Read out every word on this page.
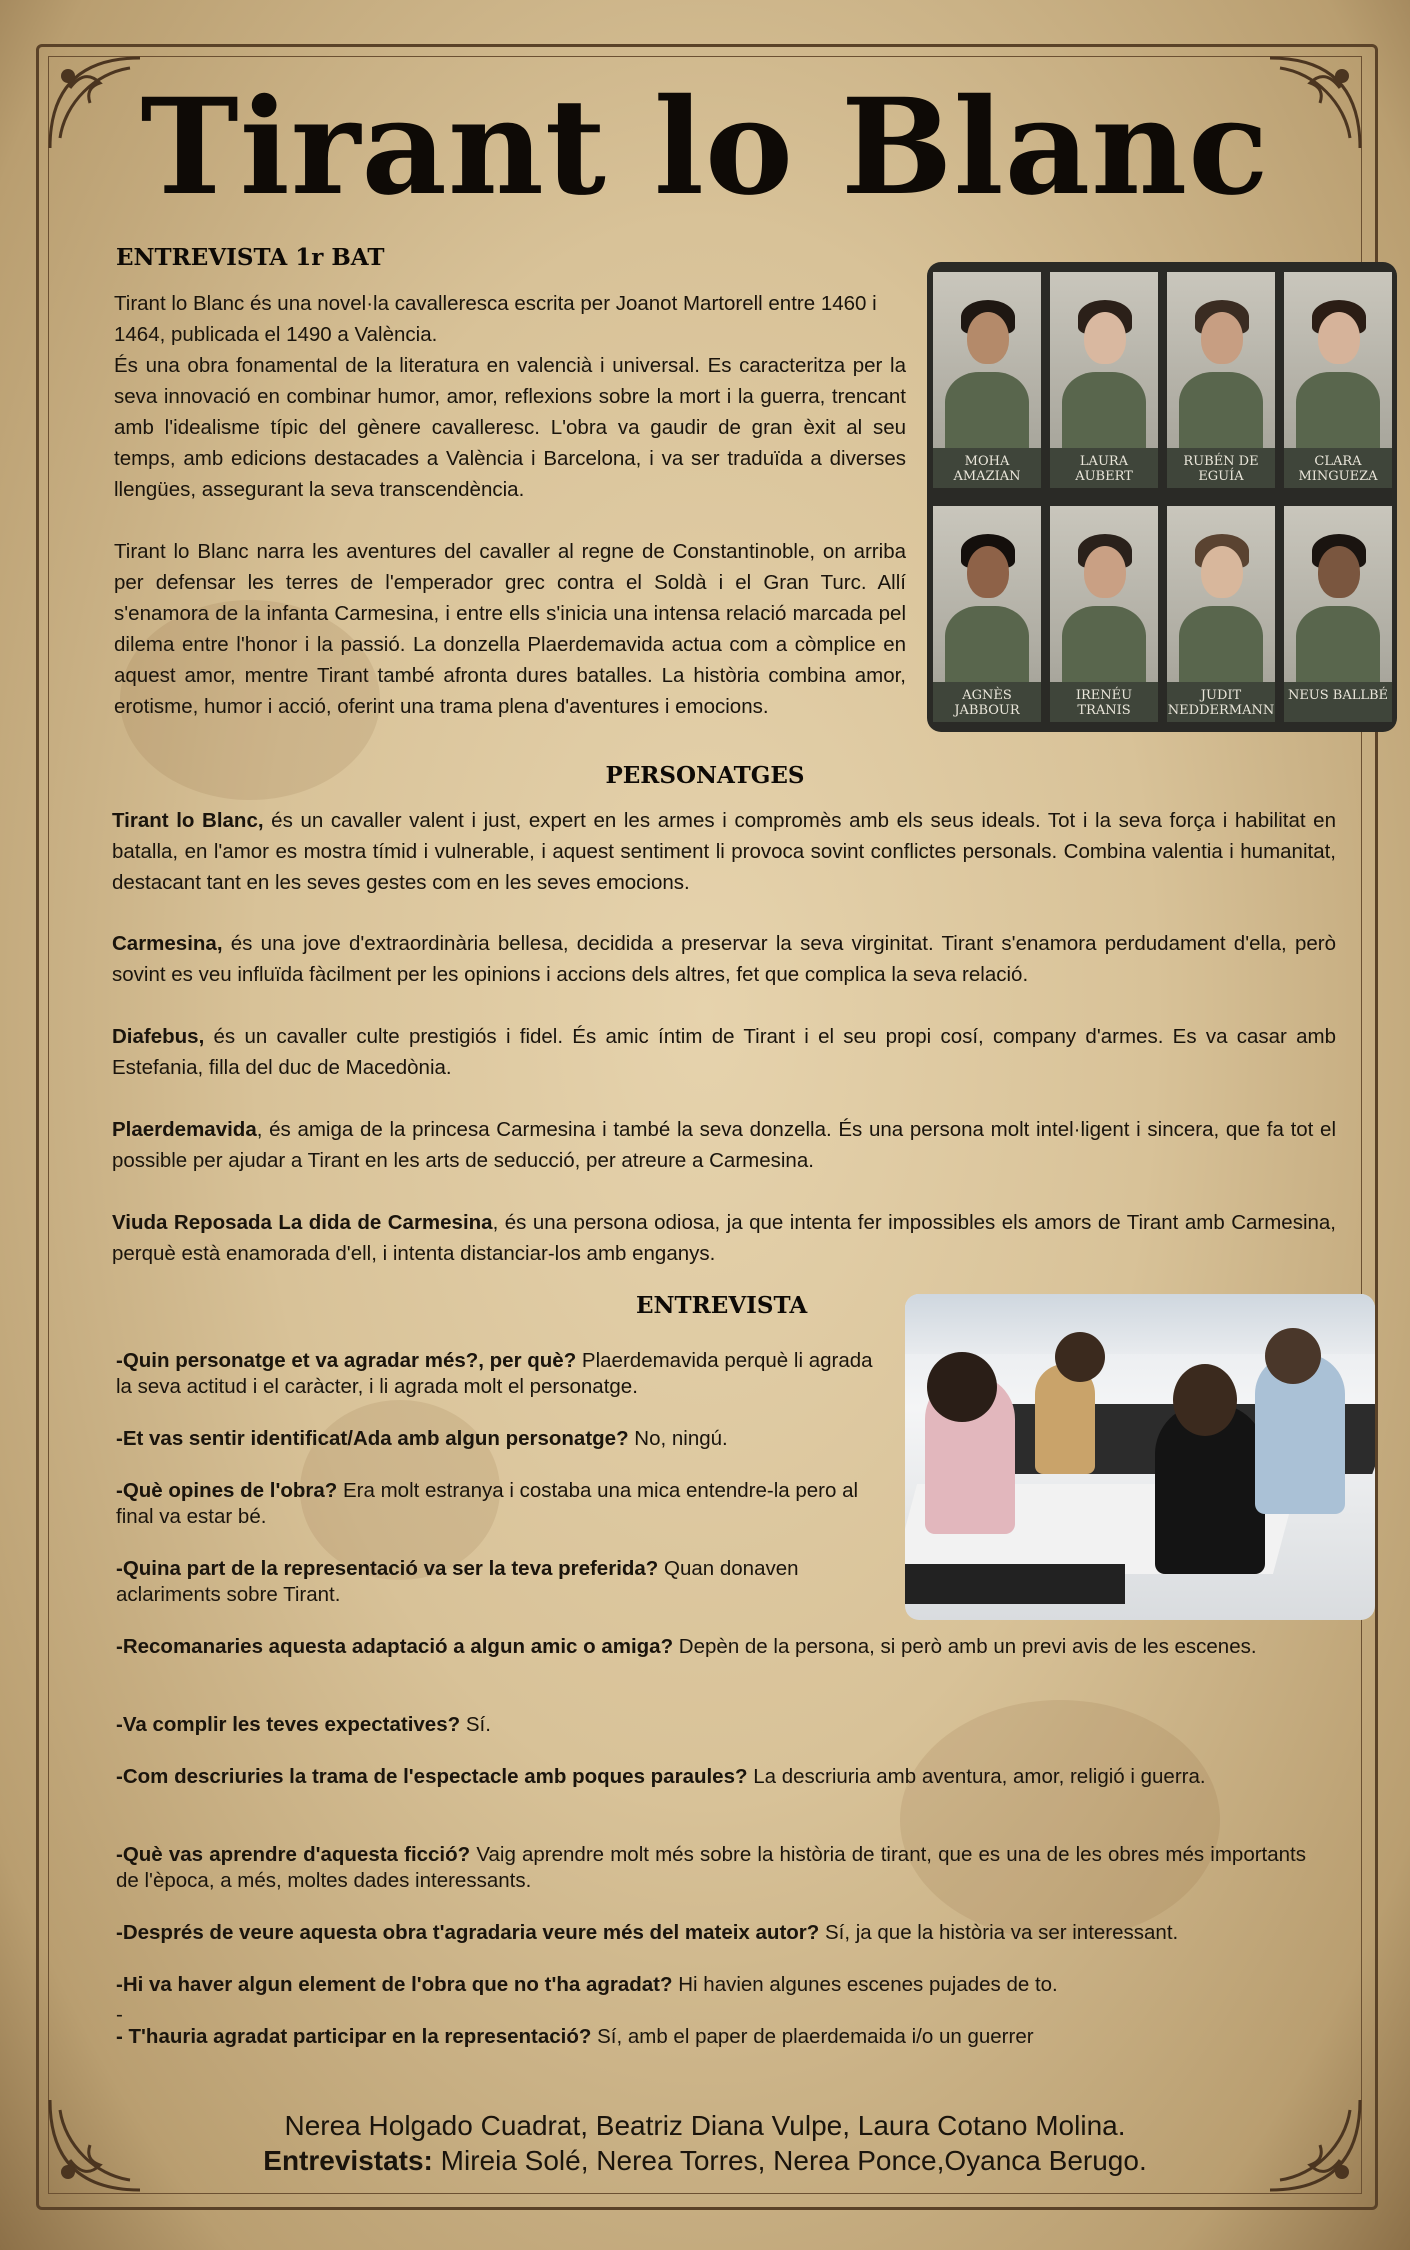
Tirant lo Blanc
ENTREVISTA 1r BAT

Tirant lo Blanc és una novel·la cavalleresca escrita per Joanot Martorell entre 1460 i 1464, publicada el 1490 a València.

És una obra fonamental de la literatura en valencià i universal. Es caracteritza per la seva innovació en combinar humor, amor, reflexions sobre la mort i la guerra, trencant amb l'idealisme típic del gènere cavalleresc. L'obra va gaudir de gran èxit al seu temps, amb edicions destacades a València i Barcelona, i va ser traduïda a diverses llengües, assegurant la seva transcendència.

Tirant lo Blanc narra les aventures del cavaller al regne de Constantinoble, on arriba per defensar les terres de l'emperador grec contra el Soldà i el Gran Turc. Allí s'enamora de la infanta Carmesina, i entre ells s'inicia una intensa relació marcada pel dilema entre l'honor i la passió. La donzella Plaerdemavida actua com a còmplice en aquest amor, mentre Tirant també afronta dures batalles. La història combina amor, erotisme, humor i acció, oferint una trama plena d'aventures i emocions.

MOHA AMAZIAN
LAURA AUBERT
RUBÉN DE EGUÍA
CLARA MINGUEZA
AGNÈS JABBOUR
IRENÉU TRANIS
JUDIT NEDDERMANN
NEUS BALLBÉ
PERSONATGES

Tirant lo Blanc, és un cavaller valent i just, expert en les armes i compromès amb els seus ideals. Tot i la seva força i habilitat en batalla, en l'amor es mostra tímid i vulnerable, i aquest sentiment li provoca sovint conflictes personals. Combina valentia i humanitat, destacant tant en les seves gestes com en les seves emocions.

Carmesina, és una jove d'extraordinària bellesa, decidida a preservar la seva virginitat. Tirant s'enamora perdudament d'ella, però sovint es veu influïda fàcilment per les opinions i accions dels altres, fet que complica la seva relació.

Diafebus, és un cavaller culte prestigiós i fidel. És amic íntim de Tirant i el seu propi cosí, company d'armes. Es va casar amb Estefania, filla del duc de Macedònia.

Plaerdemavida, és amiga de la princesa Carmesina i també la seva donzella. És una persona molt intel·ligent i sincera, que fa tot el possible per ajudar a Tirant en les arts de seducció, per atreure a Carmesina.

Viuda Reposada La dida de Carmesina, és una persona odiosa, ja que intenta fer impossibles els amors de Tirant amb Carmesina, perquè està enamorada d'ell, i intenta distanciar-los amb enganys.

ENTREVISTA

-Quin personatge et va agradar més?, per què? Plaerdemavida perquè li agrada la seva actitud i el caràcter, i li agrada molt el personatge.

-Et vas sentir identificat/Ada amb algun personatge? No, ningú.

-Què opines de l'obra? Era molt estranya i costaba una mica entendre-la pero al final va estar bé.

-Quina part de la representació va ser la teva preferida? Quan donaven aclariments sobre Tirant.

-Recomanaries aquesta adaptació a algun amic o amiga? Depèn de la persona, si però amb un previ avis de les escenes.

-Va complir les teves expectatives? Sí.

-Com descriuries la trama de l'espectacle amb poques paraules? La descriuria amb aventura, amor, religió i guerra.

-Què vas aprendre d'aquesta ficció? Vaig aprendre molt més sobre la història de tirant, que es una de les obres més importants de l'època, a més, moltes dades interessants.

-Després de veure aquesta obra t'agradaria veure més del mateix autor? Sí, ja que la història va ser interessant.

-Hi va haver algun element de l'obra que no t'ha agradat? Hi havien algunes escenes pujades de to.

- T'hauria agradat participar en la representació? Sí, amb el paper de plaerdemaida i/o un guerrer

-

Nerea Holgado Cuadrat, Beatriz Diana Vulpe, Laura Cotano Molina.
Entrevistats: Mireia Solé, Nerea Torres, Nerea Ponce,Oyanca Berugo.
